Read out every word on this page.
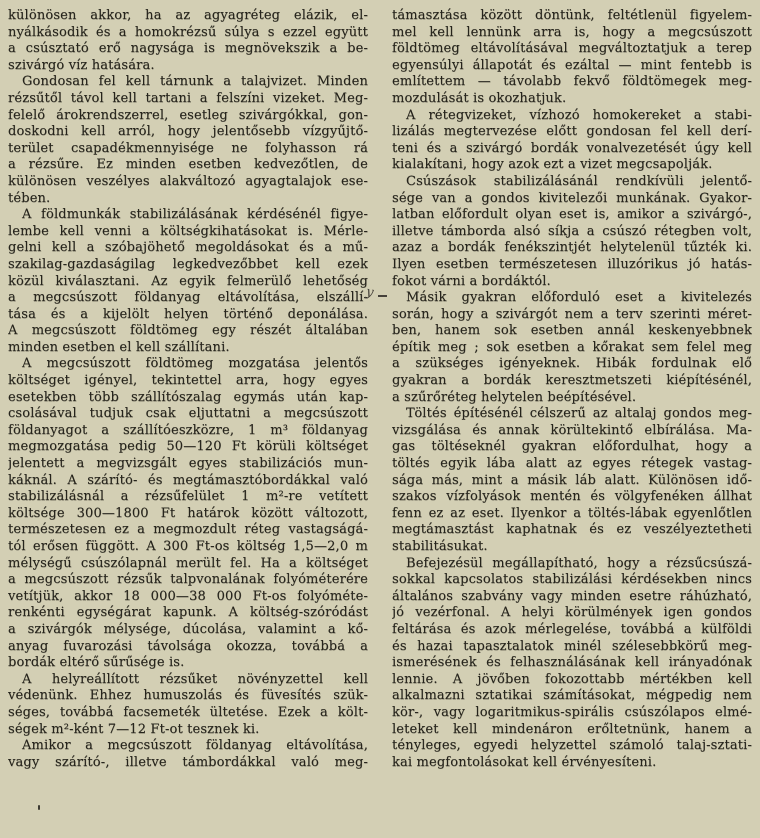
különösen akkor, ha az agyagréteg elázik, el-
nyálkásodik és a homokrézsű súlya s ezzel együtt
a csúsztató erő nagysága is megnövekszik a be-
szivárgó víz hatására.
Gondosan fel kell tárnunk a talajvizet. Minden
rézsűtől távol kell tartani a felszíni vizeket. Meg-
felelő árokrendszerrel, esetleg szivárgókkal, gon-
doskodni kell arról, hogy jelentősebb vízgyűjtő-
terület csapadékmennyisége ne folyhasson rá
a rézsűre. Ez minden esetben kedvezőtlen, de
különösen veszélyes alakváltozó agyagtalajok ese-
tében.
A földmunkák stabilizálásának kérdésénél figye-
lembe kell venni a költségkihatásokat is. Mérle-
gelni kell a szóbajöhető megoldásokat és a mű-
szakilag-gazdaságilag legkedvezőbbet kell ezek
közül kiválasztani. Az egyik felmerülő lehetőség
a megcsúszott földanyag eltávolítása, elszállí-
tása és a kijelölt helyen történő deponálása.
A megcsúszott földtömeg egy részét általában
minden esetben el kell szállítani.
A megcsúszott földtömeg mozgatása jelentős
költséget igényel, tekintettel arra, hogy egyes
esetekben több szállítószalag egymás után kap-
csolásával tudjuk csak eljuttatni a megcsúszott
földanyagot a szállítóeszközre, 1 m³ földanyag
megmozgatása pedig 50—120 Ft körüli költséget
jelentett a megvizsgált egyes stabilizációs mun-
káknál. A szárító- és megtámasztóbordákkal való
stabilizálásnál a rézsűfelület 1 m²-re vetített
költsége 300—1800 Ft határok között változott,
természetesen ez a megmozdult réteg vastagságá-
tól erősen függött. A 300 Ft-os költség 1,5—2,0 m
mélységű csúszólapnál merült fel. Ha a költséget
a megcsúszott rézsűk talpvonalának folyóméterére
vetítjük, akkor 18 000—38 000 Ft-os folyóméte-
renkénti egységárat kapunk. A költség-szóródást
a szivárgók mélysége, dúcolása, valamint a kő-
anyag fuvarozási távolsága okozza, továbbá a
bordák eltérő sűrűsége is.
A helyreállított rézsűket növényzettel kell
védenünk. Ehhez humuszolás és füvesítés szük-
séges, továbbá facsemeték ültetése. Ezek a költ-
ségek m²-ként 7—12 Ft-ot tesznek ki.
Amikor a megcsúszott földanyag eltávolítása,
vagy szárító-, illetve támbordákkal való meg-
támasztása között döntünk, feltétlenül figyelem-
mel kell lennünk arra is, hogy a megcsúszott
földtömeg eltávolításával megváltoztatjuk a terep
egyensúlyi állapotát és ezáltal — mint fentebb is
említettem — távolabb fekvő földtömegek meg-
mozdulását is okozhatjuk.
A rétegvizeket, vízhozó homokereket a stabi-
lizálás megtervezése előtt gondosan fel kell derí-
teni és a szivárgó bordák vonalvezetését úgy kell
kialakítani, hogy azok ezt a vizet megcsapolják.
Csúszások stabilizálásánál rendkívüli jelentő-
sége van a gondos kivitelezői munkának. Gyakor-
latban előfordult olyan eset is, amikor a szivárgó-,
illetve támborda alsó síkja a csúszó rétegben volt,
azaz a bordák fenékszintjét helytelenül tűzték ki.
Ilyen esetben természetesen illuzórikus jó hatás-
fokot várni a bordáktól.
Másik gyakran előforduló eset a kivitelezés
során, hogy a szivárgót nem a terv szerinti méret-
ben, hanem sok esetben annál keskenyebbnek
építik meg ; sok esetben a kőrakat sem felel meg
a szükséges igényeknek. Hibák fordulnak elő
gyakran a bordák keresztmetszeti kiépítésénél,
a szűrőréteg helytelen beépítésével.
Töltés építésénél célszerű az altalaj gondos meg-
vizsgálása és annak körültekintő elbírálása. Ma-
gas töltéseknél gyakran előfordulhat, hogy a
töltés egyik lába alatt az egyes rétegek vastag-
sága más, mint a másik láb alatt. Különösen idő-
szakos vízfolyások mentén és völgyfenéken állhat
fenn ez az eset. Ilyenkor a töltés-lábak egyenlőtlen
megtámasztást kaphatnak és ez veszélyeztetheti
stabilitásukat.
Befejezésül megállapítható, hogy a rézsűcsúszá-
sokkal kapcsolatos stabilizálási kérdésekben nincs
általános szabvány vagy minden esetre ráhúzható,
jó vezérfonal. A helyi körülmények igen gondos
feltárása és azok mérlegelése, továbbá a külföldi
és hazai tapasztalatok minél szélesebbkörű meg-
ismerésének és felhasználásának kell irányadónak
lennie. A jövőben fokozottabb mértékben kell
alkalmazni sztatikai számításokat, mégpedig nem
kör-, vagy logaritmikus-spirális csúszólapos elmé-
leteket kell mindenáron erőltetnünk, hanem a
tényleges, egyedi helyzettel számoló talaj-sztati-
kai megfontolásokat kell érvényesíteni.
y
